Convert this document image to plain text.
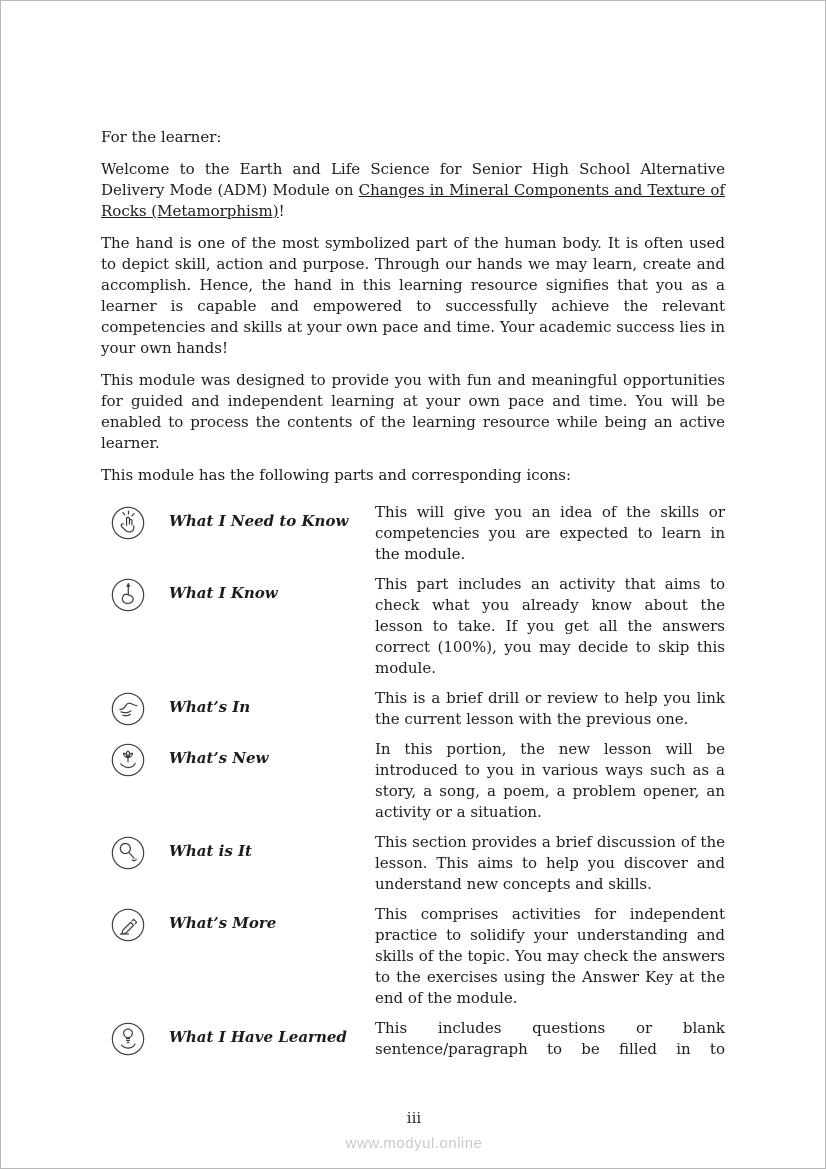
For the learner:

Welcome to the Earth and Life Science for Senior High School Alternative Delivery Mode (ADM) Module on Changes in Mineral Components and Texture of Rocks (Metamorphism)!

The hand is one of the most symbolized part of the human body. It is often used to depict skill, action and purpose. Through our hands we may learn, create and accomplish. Hence, the hand in this learning resource signifies that you as a learner is capable and empowered to successfully achieve the relevant competencies and skills at your own pace and time. Your academic success lies in your own hands!

This module was designed to provide you with fun and meaningful opportunities for guided and independent learning at your own pace and time. You will be enabled to process the contents of the learning resource while being an active learner.

This module has the following parts and corresponding icons:

What I Need to Know	This will give you an idea of the skills or competencies you are expected to learn in the module.
What I Know	This part includes an activity that aims to check what you already know about the lesson to take. If you get all the answers correct (100%), you may decide to skip this module.
What’s In	This is a brief drill or review to help you link the current lesson with the previous one.
What’s New	In this portion, the new lesson will be introduced to you in various ways such as a story, a song, a poem, a problem opener, an activity or a situation.
What is It	This section provides a brief discussion of the lesson. This aims to help you discover and understand new concepts and skills.
What’s More	This comprises activities for independent practice to solidify your understanding and skills of the topic. You may check the answers to the exercises using the Answer Key at the end of the module.
What I Have Learned	This includes questions or blank sentence/paragraph to be filled in to
iii
www.modyul.online
